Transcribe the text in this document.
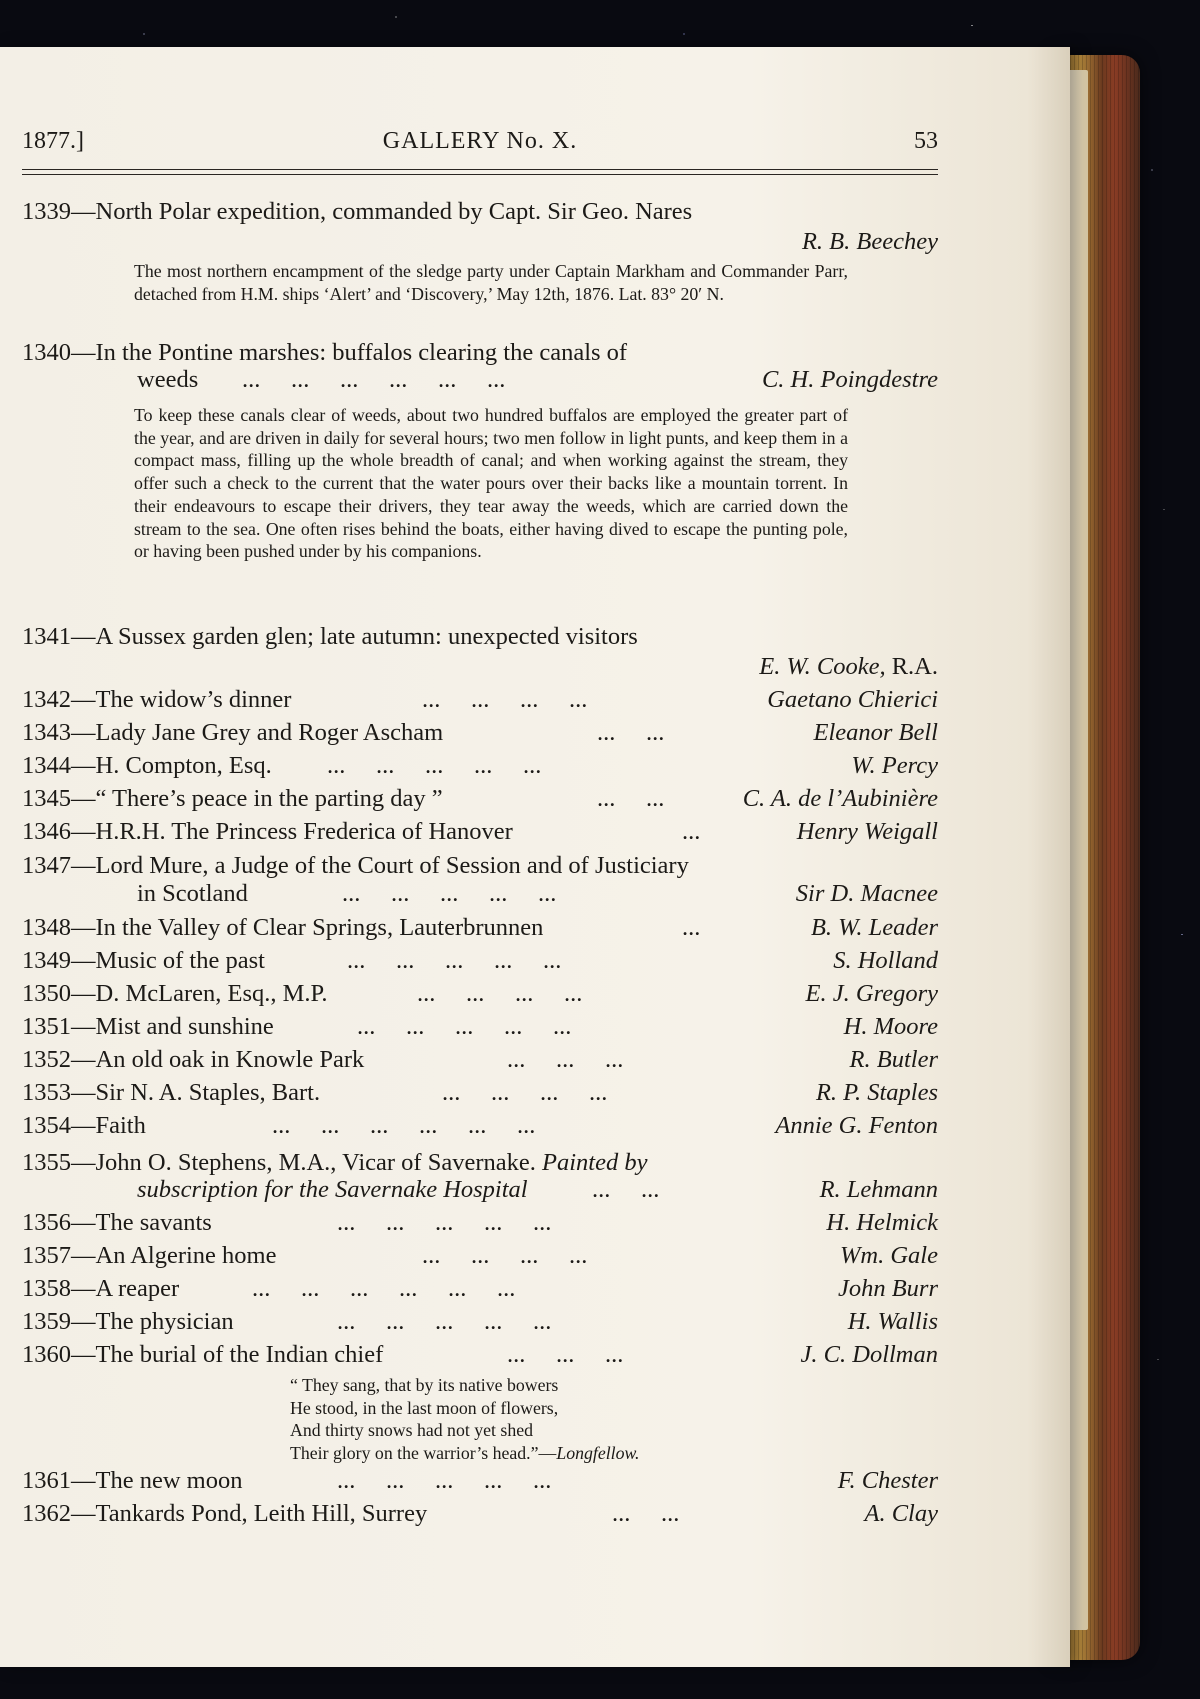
1877.]	GALLERY No. X.	53
1339—North Polar expedition, commanded by Capt. Sir Geo. Nares
R. B. Beechey
The most northern encampment of the sledge party under Captain Markham and Commander Parr, detached from H.M. ships ‘Alert’ and ‘Discovery,’ May 12th, 1876. Lat. 83° 20′ N.
1340—In the Pontine marshes: buffalos clearing the canals of
weeds ...     ...     ...     ...     ...     ...	C. H. Poingdestre
To keep these canals clear of weeds, about two hundred buffalos are employed the greater part of the year, and are driven in daily for several hours; two men follow in light punts, and keep them in a compact mass, filling up the whole breadth of canal; and when working against the stream, they offer such a check to the current that the water pours over their backs like a mountain torrent. In their endeavours to escape their drivers, they tear away the weeds, which are carried down the stream to the sea. One often rises behind the boats, either having dived to escape the punting pole, or having been pushed under by his companions.
1341—A Sussex garden glen; late autumn: unexpected visitors
E. W. Cooke, R.A.
1342—The widow’s dinner	...     ...     ...     ...	Gaetano Chierici
1343—Lady Jane Grey and Roger Ascham	...     ...	Eleanor Bell
1344—H. Compton, Esq. ...     ...     ...     ...     ...	W. Percy
1345—“ There’s peace in the parting day ”	...     ...	C. A. de l’Aubinière
1346—H.R.H. The Princess Frederica of Hanover	...	Henry Weigall
1347—Lord Mure, a Judge of the Court of Session and of Justiciary
in Scotland	...     ...     ...     ...     ...	Sir D. Macnee
1348—In the Valley of Clear Springs, Lauterbrunnen	...	B. W. Leader
1349—Music of the past	...     ...     ...     ...     ...	S. Holland
1350—D. McLaren, Esq., M.P.	...     ...     ...     ...	E. J. Gregory
1351—Mist and sunshine	...     ...     ...     ...     ...	H. Moore
1352—An old oak in Knowle Park	...     ...     ...	R. Butler
1353—Sir N. A. Staples, Bart.	...     ...     ...     ...	R. P. Staples
1354—Faith	...     ...     ...     ...     ...     ...	Annie G. Fenton
1355—John O. Stephens, M.A., Vicar of Savernake. Painted by
subscription for the Savernake Hospital	...     ...	R. Lehmann
1356—The savants	...     ...     ...     ...     ...	H. Helmick
1357—An Algerine home	...     ...     ...     ...	Wm. Gale
1358—A reaper	...     ...     ...     ...     ...     ...	John Burr
1359—The physician	...     ...     ...     ...     ...	H. Wallis
1360—The burial of the Indian chief	...     ...     ...	J. C. Dollman
“ They sang, that by its native bowers
He stood, in the last moon of flowers,
And thirty snows had not yet shed
Their glory on the warrior’s head.”—Longfellow.
1361—The new moon	...     ...     ...     ...     ...	F. Chester
1362—Tankards Pond, Leith Hill, Surrey	...     ...	A. Clay
